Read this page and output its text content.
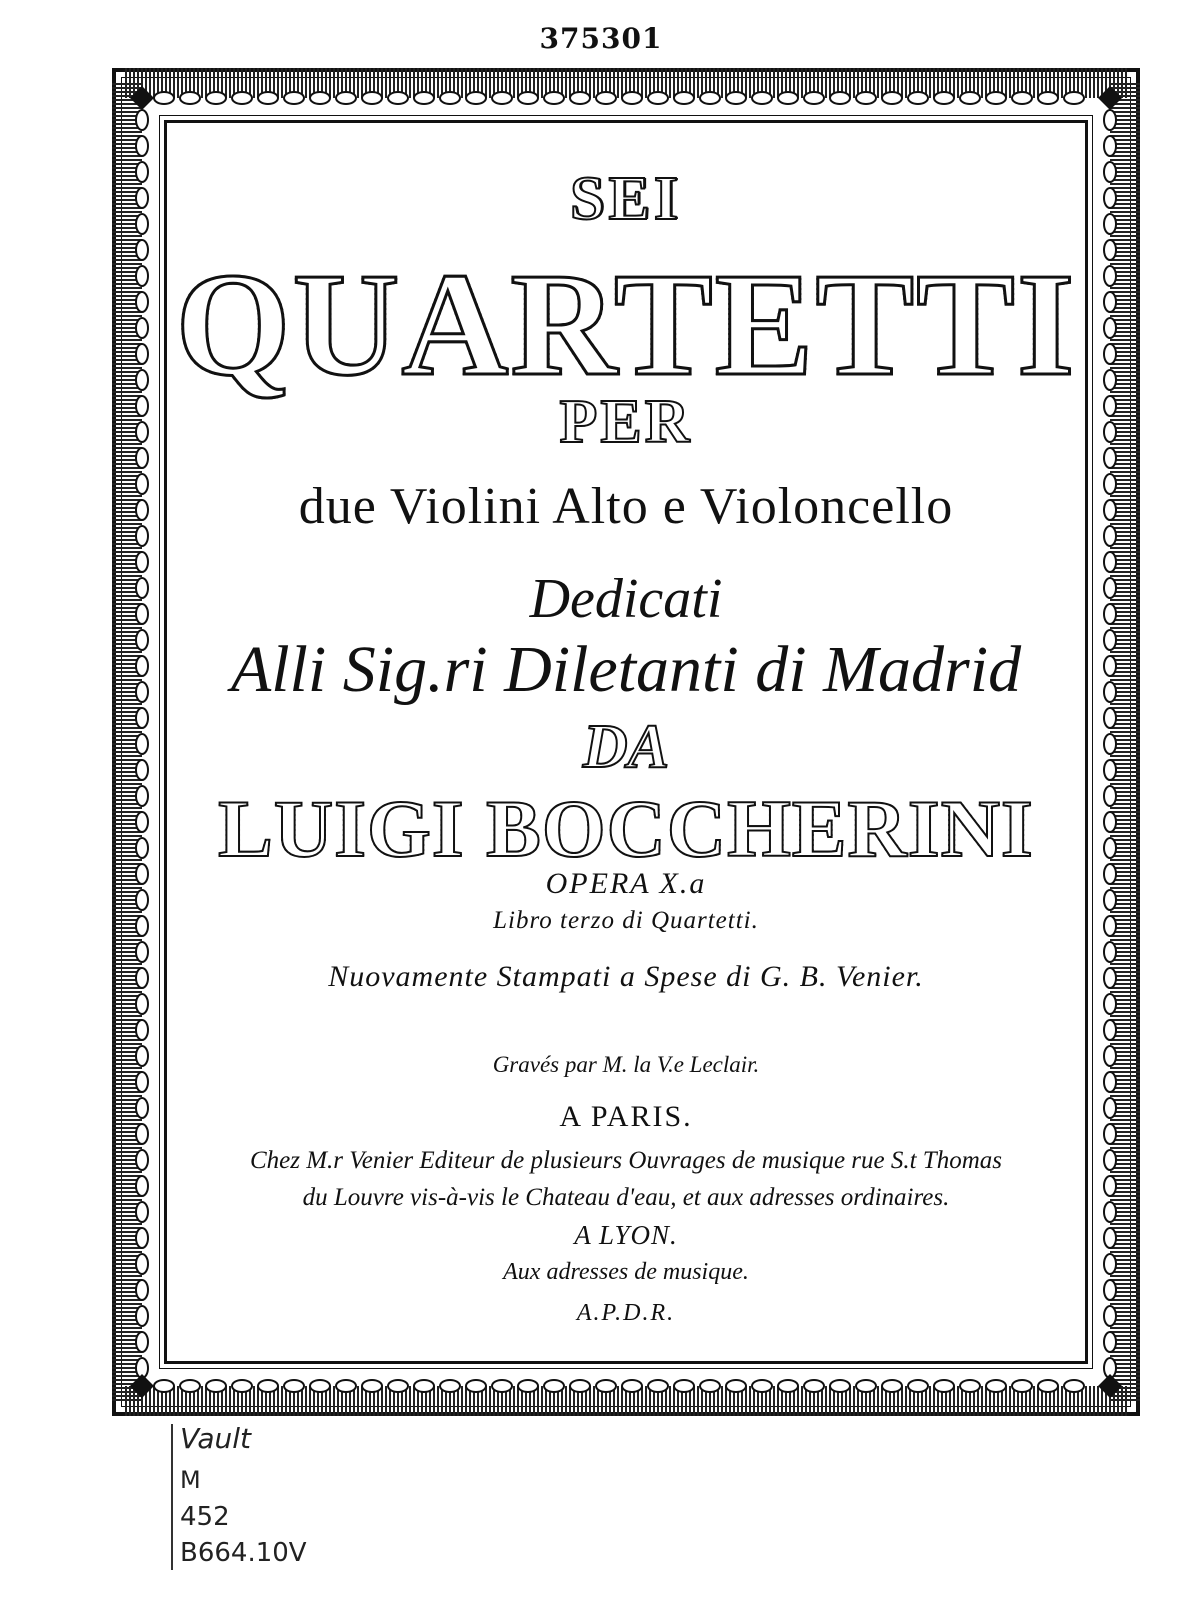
375301
SEI
QUARTETTI
PER
due Violini Alto e Violoncello
Dedicati
Alli Sig.ri Diletanti di Madrid
DA
LUIGI BOCCHERINI
OPERA X.a
Libro terzo di Quartetti.
Nuovamente Stampati a Spese di G. B. Venier.
Gravés par M. la V.e Leclair.
A PARIS.
Chez M.r Venier Editeur de plusieurs Ouvrages de musique rue S.t Thomas
du Louvre vis-à-vis le Chateau d'eau, et aux adresses ordinaires.
A LYON.
Aux adresses de musique.
A.P.D.R.
Vault
M
452
B664.10V
